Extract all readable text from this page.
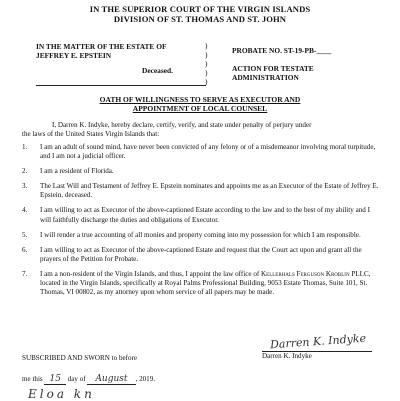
IN THE SUPERIOR COURT OF THE VIRGIN ISLANDS
DIVISION OF ST. THOMAS AND ST. JOHN
IN THE MATTER OF THE ESTATE OF
JEFFREY E. EPSTEIN
Deceased.
)
)
)
)
)
PROBATE NO. ST-19-PB-____
ACTION FOR TESTATE
ADMINISTRATION
OATH OF WILLINGNESS TO SERVE AS EXECUTOR AND
APPOINTMENT OF LOCAL COUNSEL
I, Darren K. Indyke, hereby declare, certify, verify, and state under penalty of perjury under
the laws of the United States Virgin Islands that:
1. I am an adult of sound mind, have never been convicted of any felony or of a misdemeanor involving moral turpitude, and I am not a judicial officer.
2. I am a resident of Florida.
3. The Last Will and Testament of Jeffrey E. Epstein nominates and appoints me as an Executor of the Estate of Jeffrey E. Epstein, deceased.
4. I am willing to act as Executor of the above-captioned Estate according to the law and to the best of my ability and I will faithfully discharge the duties and obligations of Executor.
5. I will render a true accounting of all monies and property coming into my possession for which I am responsible.
6. I am willing to act as Executor of the above-captioned Estate and request that the Court act upon and grant all the prayers of the Petition for Probate.
7. I am a non-resident of the Virgin Islands, and thus, I appoint the law office of Kellerhals Ferguson Kroblin PLLC, located in the Virgin Islands, specifically at Royal Palms Professional Building, 9053 Estate Thomas, Suite 101, St. Thomas, VI 00802, as my attorney upon whom service of all papers may be made.
Darren K. Indyke
Darren K. Indyke
SUBSCRIBED AND SWORN to before
me this 15 day of August , 2019.
Eloa kn
